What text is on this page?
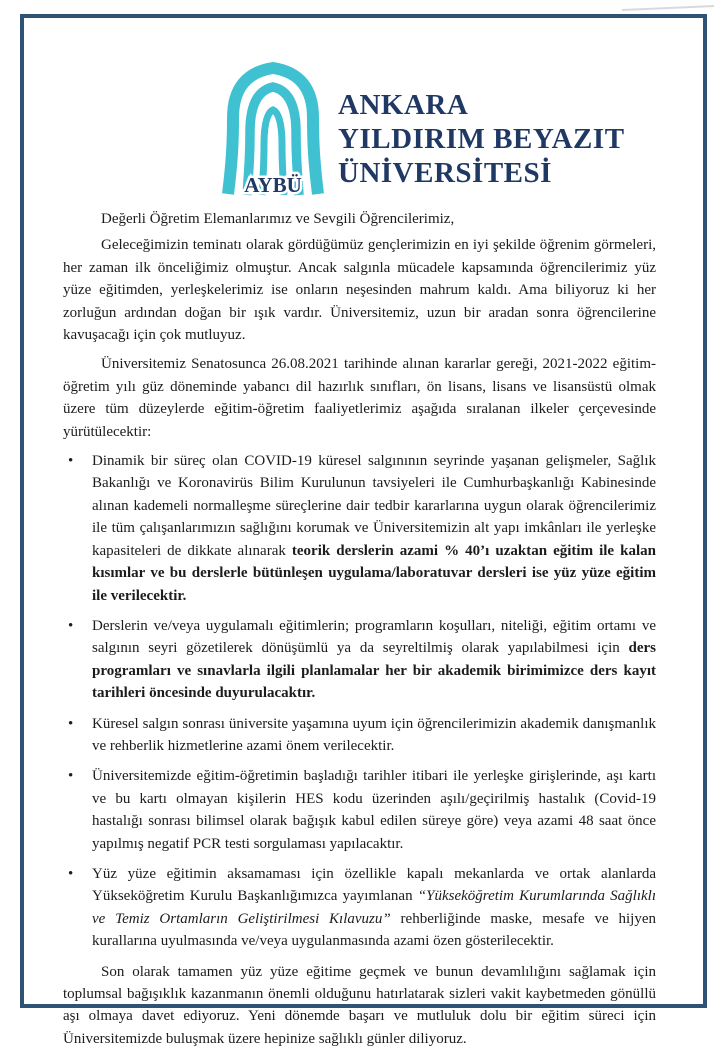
AYBÜ
ANKARA
YILDIRIM BEYAZIT
ÜNİVERSİTESİ

Değerli Öğretim Elemanlarımız ve Sevgili Öğrencilerimiz,

Geleceğimizin teminatı olarak gördüğümüz gençlerimizin en iyi şekilde öğrenim görmeleri, her zaman ilk önceliğimiz olmuştur. Ancak salgınla mücadele kapsamında öğrencilerimiz yüz yüze eğitimden, yerleşkelerimiz ise onların neşesinden mahrum kaldı. Ama biliyoruz ki her zorluğun ardından doğan bir ışık vardır. Üniversitemiz, uzun bir aradan sonra öğrencilerine kavuşacağı için çok mutluyuz.

Üniversitemiz Senatosunca 26.08.2021 tarihinde alınan kararlar gereği, 2021-2022 eğitim-öğretim yılı güz döneminde yabancı dil hazırlık sınıfları, ön lisans, lisans ve lisansüstü olmak üzere tüm düzeylerde eğitim-öğretim faaliyetlerimiz aşağıda sıralanan ilkeler çerçevesinde yürütülecektir:

•	Dinamik bir süreç olan COVID-19 küresel salgınının seyrinde yaşanan gelişmeler, Sağlık Bakanlığı ve Koronavirüs Bilim Kurulunun tavsiyeleri ile Cumhurbaşkanlığı Kabinesinde alınan kademeli normalleşme süreçlerine dair tedbir kararlarına uygun olarak öğrencilerimiz ile tüm çalışanlarımızın sağlığını korumak ve Üniversitemizin alt yapı imkânları ile yerleşke kapasiteleri de dikkate alınarak teorik derslerin azami % 40’ı uzaktan eğitim ile kalan kısımlar ve bu derslerle bütünleşen uygulama/laboratuvar dersleri ise yüz yüze eğitim ile verilecektir.
•	Derslerin ve/veya uygulamalı eğitimlerin; programların koşulları, niteliği, eğitim ortamı ve salgının seyri gözetilerek dönüşümlü ya da seyreltilmiş olarak yapılabilmesi için ders programları ve sınavlarla ilgili planlamalar her bir akademik birimimizce ders kayıt tarihleri öncesinde duyurulacaktır.
•	Küresel salgın sonrası üniversite yaşamına uyum için öğrencilerimizin akademik danışmanlık ve rehberlik hizmetlerine azami önem verilecektir.
•	Üniversitemizde eğitim-öğretimin başladığı tarihler itibari ile yerleşke girişlerinde, aşı kartı ve bu kartı olmayan kişilerin HES kodu üzerinden aşılı/geçirilmiş hastalık (Covid-19 hastalığı sonrası bilimsel olarak bağışık kabul edilen süreye göre) veya azami 48 saat önce yapılmış negatif PCR testi sorgulaması yapılacaktır.
•	Yüz yüze eğitimin aksamaması için özellikle kapalı mekanlarda ve ortak alanlarda Yükseköğretim Kurulu Başkanlığımızca yayımlanan “Yükseköğretim Kurumlarında Sağlıklı ve Temiz Ortamların Geliştirilmesi Kılavuzu” rehberliğinde maske, mesafe ve hijyen kurallarına uyulmasında ve/veya uygulanmasında azami özen gösterilecektir.

Son olarak tamamen yüz yüze eğitime geçmek ve bunun devamlılığını sağlamak için toplumsal bağışıklık kazanmanın önemli olduğunu hatırlatarak sizleri vakit kaybetmeden gönüllü aşı olmaya davet ediyoruz. Yeni dönemde başarı ve mutluluk dolu bir eğitim süreci için Üniversitemizde buluşmak üzere hepinize sağlıklı günler diliyoruz.
